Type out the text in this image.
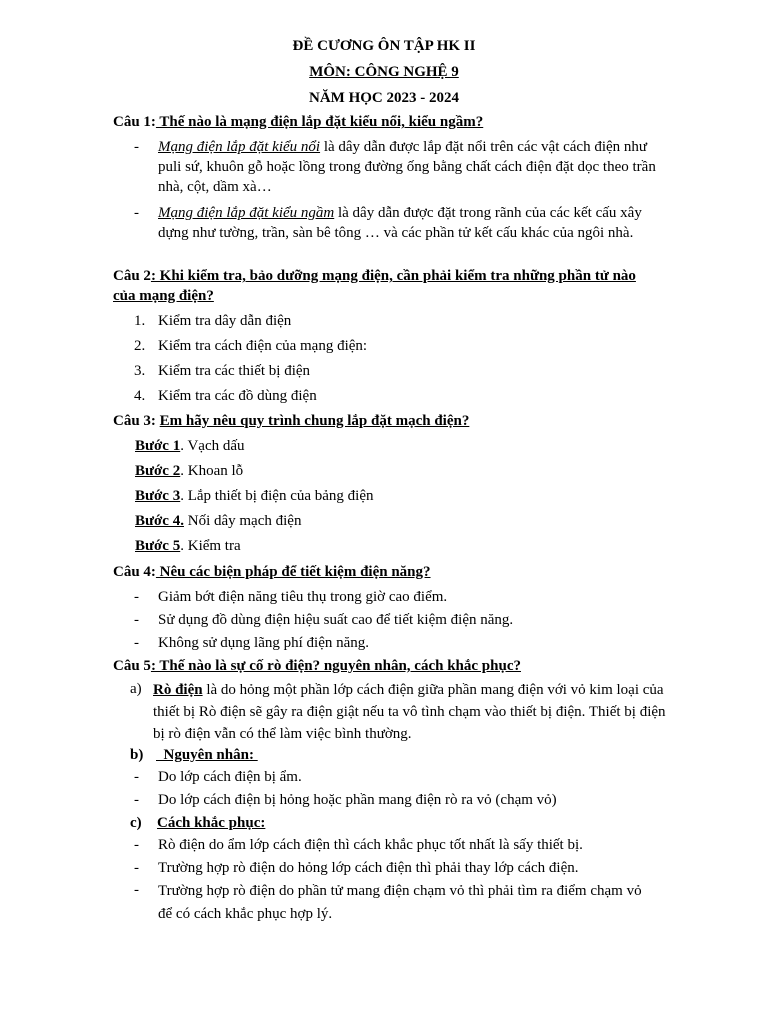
ĐỀ CƯƠNG ÔN TẬP HK II
MÔN: CÔNG NGHỆ 9
NĂM HỌC 2023 - 2024
Câu 1: Thế nào là mạng điện lắp đặt kiểu nổi, kiểu ngầm?
- Mạng điện lắp đặt kiểu nổi là dây dẫn được lắp đặt nổi trên các vật cách điện như puli sứ, khuôn gỗ hoặc lồng trong đường ống bằng chất cách điện đặt dọc theo trần nhà, cột, dầm xà…
- Mạng điện lắp đặt kiểu ngầm là dây dẫn được đặt trong rãnh của các kết cấu xây dựng như tường, trần, sàn bê tông … và các phần tử kết cấu khác của ngôi nhà.
Câu 2: Khi kiểm tra, bảo dưỡng mạng điện, cần phải kiểm tra những phần tử nào của mạng điện?
1. Kiểm tra dây dẫn điện
2. Kiểm tra cách điện của mạng điện:
3. Kiểm tra các thiết bị điện
4. Kiểm tra các đồ dùng điện
Câu 3: Em hãy nêu quy trình chung lắp đặt mạch điện?
Bước 1. Vạch dấu
Bước 2. Khoan lỗ
Bước 3. Lắp thiết bị điện của bảng điện
Bước 4. Nối dây mạch điện
Bước 5. Kiểm tra
Câu 4: Nêu các biện pháp để tiết kiệm điện năng?
- Giảm bớt điện năng tiêu thụ trong giờ cao điểm.
- Sử dụng đồ dùng điện hiệu suất cao để tiết kiệm điện năng.
- Không sử dụng lãng phí điện năng.
Câu 5: Thế nào là sự cố rò điện? nguyên nhân, cách khắc phục?
a) Rò điện là do hỏng một phần lớp cách điện giữa phần mang điện với vỏ kim loại của thiết bị Rò điện sẽ gây ra điện giật nếu ta vô tình chạm vào thiết bị điện. Thiết bị điện bị rò điện vẫn có thể làm việc bình thường.
b) Nguyên nhân:
- Do lớp cách điện bị ẩm.
- Do lớp cách điện bị hỏng hoặc phần mang điện rò ra vỏ (chạm vỏ)
c) Cách khắc phục:
- Rò điện do ẩm lớp cách điện thì cách khắc phục tốt nhất là sấy thiết bị.
- Trường hợp rò điện do hỏng lớp cách điện thì phải thay lớp cách điện.
- Trường hợp rò điện do phần tử mang điện chạm vỏ thì phải tìm ra điểm chạm vỏ để có cách khắc phục hợp lý.
